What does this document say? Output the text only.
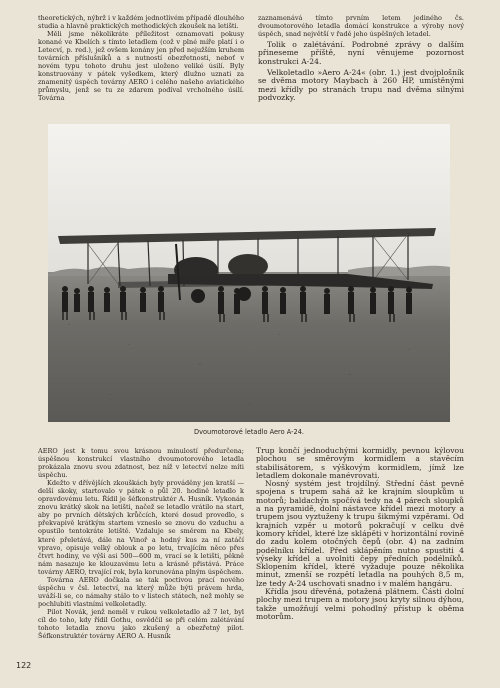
theoretických, nýbrž i v každém jednotlivém případě dlouhého studia a hlavně praktických methodických zkoušek na letišti.

Měli jsme několikráte příležitost oznamovati pokusy konané ve Kbelích s tímto letadlem (což v plné míře platí i o Letecví, p. red.), jež ovšem konány jen před nejužším kruhem továrních příslušníků a s nutností obezřetnosti, neboť v novém typu tohoto druhu jest uloženo veliké úsilí. Byly konstruovány v pátek vyšedkem, který dlužno uznati za znamenitý úspěch továrny AERO i celého našeho aviatického průmyslu, jenž se tu ze zdarem podíval vrcholného úsilí. Továrna

zaznamenává tímto prvním letem jediného čs. dvoumotorového letadla domácí konstrukce a výroby nový úspěch, snad největší v řadě jeho úspěšných letadel.

Tolik o zalétávání. Podrobné zprávy o dalším přineseme příště, nyní věnujeme pozornost konstrukci A-24.

Velkoletadlo »Aero A-24« (obr. 1.) jest dvojplošník se dvěma motory Maybach à 260 HP, umístěnými mezi křídly po stranách trupu nad dvěma silnými podvozky.

Dvoumotorové letadlo Aero A-24.

AERO jest k tomu svou krásnou minulostí předurčena; úspěšnou konstrukcí vlastního dvoumotorového letadla prokázala znovu svou zdatnost, bez níž v letectví nelze míti úspěchu.

Kdežto v dřívějších zkouškách byly prováděny jen kratší — delší skoky, startovalo v pátek o půl 20. hodině letadlo k opravdovému letu. Řídil je šéfkonstruktér A. Husník. Vykonán znovu krátký skok na letišti, načež se letadlo vrátilo na start, aby po prvních dětských krůčcích, které dosud provedlo, s překvapivě krátkým startem vzneslo se znovu do vzduchu a opustilo tentokráte letiště. Vzdaluje se směrem na Kbely, které přeletává, dále na Vinoř a hodný kus za ní zatáčí vpravo, opisuje velký oblouk a po letu, trvajícím něco přes čtvrt hodiny, ve výši asi 500—600 m, vrací se k letišti, pěkně nám nasazuje ke klouzavému letu a krásně přistává. Práce továrny AERO, trvající rok, byla korunována plným úspěchem.

Továrna AERO dočkala se tak poctivou prací nového úspěchu v čsl. letectví, na který může býti právem hrda, uváží-li se, co námahy stálo to v listech státech, než mohly se pochlubiti vlastními velkoletadly.

Pilot Novák, jenž neměl v rukou velkoletadlo až 7 let, byl cíl do toho, kdy řídil Gothu, osvědčil se při celém zalétávání tohoto letadla znovu jako zkušený a obezřetný pilot. Šéfkonstruktér továrny AERO A. Husník

Trup končí jednoduchými kormidly, pevnou kýlovou plochou se směrovým kormidlem a stavěcím stabilisátorem, s výškovým kormidlem, jímž lze letadlem dokonale manévrovati.

Nosný systém jest trojdílný. Střední část pevně spojena s trupem sahá až ke krajním sloupkům u motorů; baldachýn spočívá tedy na 4 párech sloupků a na pyramidě, dolní nástavce křídel mezi motory a trupem jsou vyztuženy k trupu šikmými vzpěrami. Od krajních vzpěr u motorů pokračují v celku dvě komory křídel, které lze sklápěti v horizontální rovině do zadu kolem otočných čepů (obr. 4) na zadním podélníku křídel. Před sklápěním nutno spustiti 4 výseky křídel a uvolniti čepy předních podélníků. Sklopením křídel, které vyžaduje pouze několika minut, zmenší se rozpětí letadla na pouhých 8,5 m, lze tedy A-24 uschovati snadno i v malém hangáru.

Křídla jsou dřevěná, potažená plátnem. Části dolní plochy mezi trupem a motory jsou kryty silnou dýhou, takže umožňují velmi pohodlný přístup k oběma motorům.

122
